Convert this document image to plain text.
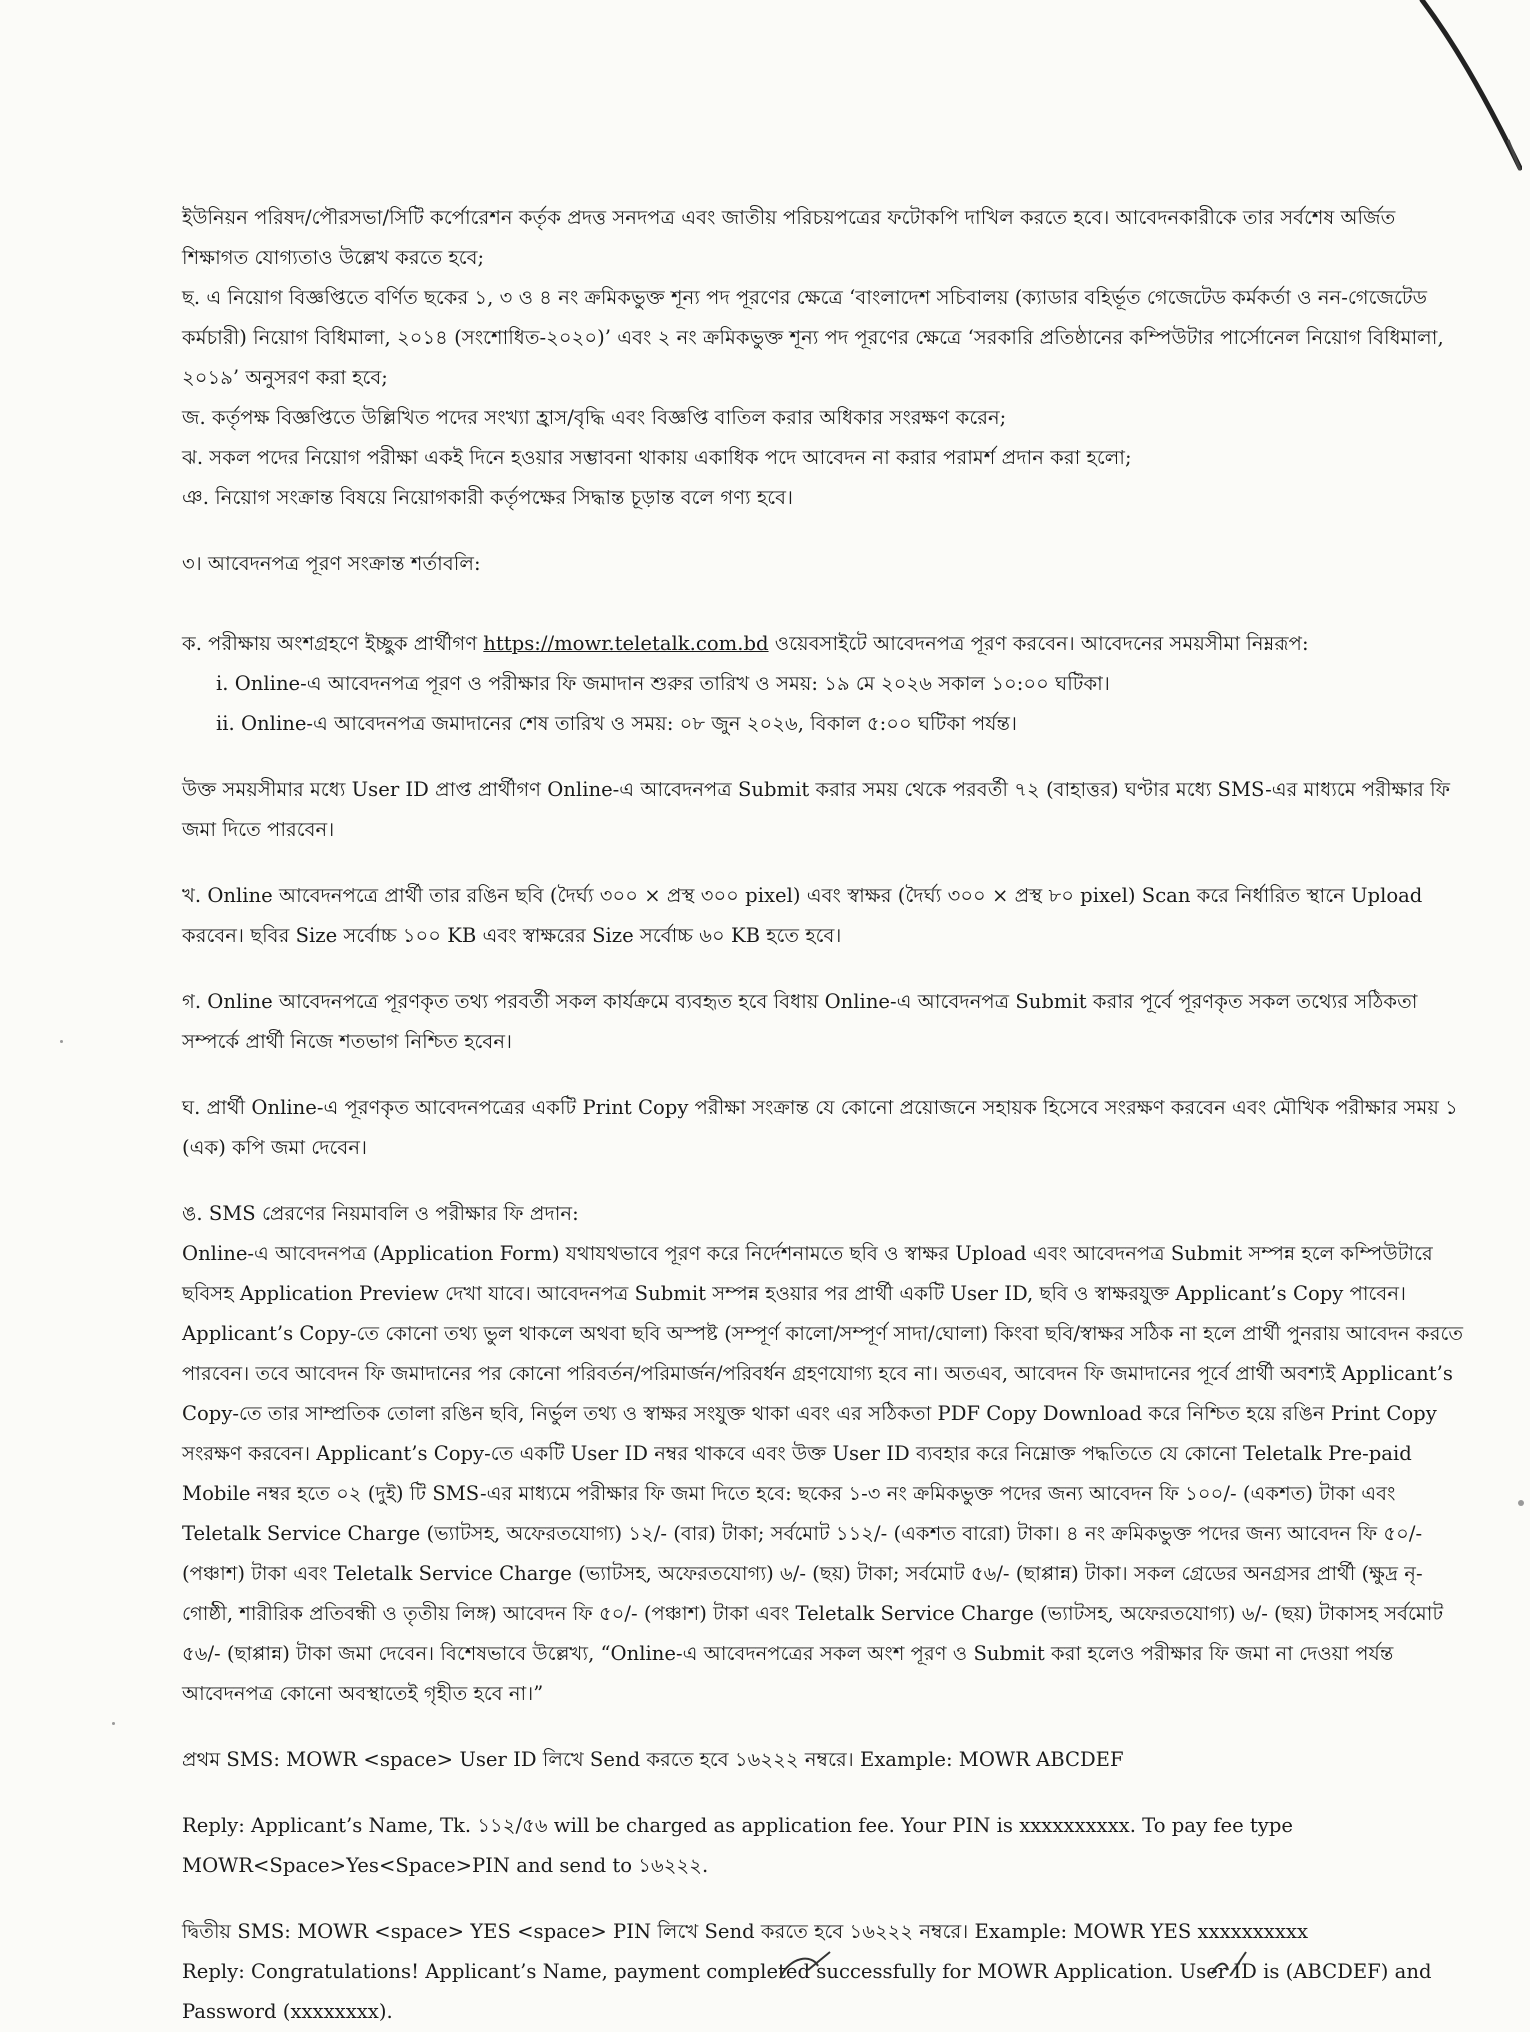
ইউনিয়ন পরিষদ/পৌরসভা/সিটি কর্পোরেশন কর্তৃক প্রদত্ত সনদপত্র এবং জাতীয় পরিচয়পত্রের ফটোকপি দাখিল করতে হবে। আবেদনকারীকে তার সর্বশেষ অর্জিত শিক্ষাগত যোগ্যতাও উল্লেখ করতে হবে;

ছ. এ নিয়োগ বিজ্ঞপ্তিতে বর্ণিত ছকের ১, ৩ ও ৪ নং ক্রমিকভুক্ত শূন্য পদ পূরণের ক্ষেত্রে ‘বাংলাদেশ সচিবালয় (ক্যাডার বহির্ভূত গেজেটেড কর্মকর্তা ও নন-গেজেটেড কর্মচারী) নিয়োগ বিধিমালা, ২০১৪ (সংশোধিত-২০২০)’ এবং ২ নং ক্রমিকভুক্ত শূন্য পদ পূরণের ক্ষেত্রে ‘সরকারি প্রতিষ্ঠানের কম্পিউটার পার্সোনেল নিয়োগ বিধিমালা, ২০১৯’ অনুসরণ করা হবে;

জ. কর্তৃপক্ষ বিজ্ঞপ্তিতে উল্লিখিত পদের সংখ্যা হ্রাস/বৃদ্ধি এবং বিজ্ঞপ্তি বাতিল করার অধিকার সংরক্ষণ করেন;

ঝ. সকল পদের নিয়োগ পরীক্ষা একই দিনে হওয়ার সম্ভাবনা থাকায় একাধিক পদে আবেদন না করার পরামর্শ প্রদান করা হলো;

ঞ. নিয়োগ সংক্রান্ত বিষয়ে নিয়োগকারী কর্তৃপক্ষের সিদ্ধান্ত চূড়ান্ত বলে গণ্য হবে।

৩। আবেদনপত্র পূরণ সংক্রান্ত শর্তাবলি:

ক. পরীক্ষায় অংশগ্রহণে ইচ্ছুক প্রার্থীগণ https://mowr.teletalk.com.bd ওয়েবসাইটে আবেদনপত্র পূরণ করবেন। আবেদনের সময়সীমা নিম্নরূপ:

i. Online-এ আবেদনপত্র পূরণ ও পরীক্ষার ফি জমাদান শুরুর তারিখ ও সময়: ১৯ মে ২০২৬ সকাল ১০:০০ ঘটিকা।

ii. Online-এ আবেদনপত্র জমাদানের শেষ তারিখ ও সময়: ০৮ জুন ২০২৬, বিকাল ৫:০০ ঘটিকা পর্যন্ত।

উক্ত সময়সীমার মধ্যে User ID প্রাপ্ত প্রার্থীগণ Online-এ আবেদনপত্র Submit করার সময় থেকে পরবর্তী ৭২ (বাহাত্তর) ঘণ্টার মধ্যে SMS-এর মাধ্যমে পরীক্ষার ফি জমা দিতে পারবেন।

খ. Online আবেদনপত্রে প্রার্থী তার রঙিন ছবি (দৈর্ঘ্য ৩০০ × প্রস্থ ৩০০ pixel) এবং স্বাক্ষর (দৈর্ঘ্য ৩০০ × প্রস্থ ৮০ pixel) Scan করে নির্ধারিত স্থানে Upload করবেন। ছবির Size সর্বোচ্চ ১০০ KB এবং স্বাক্ষরের Size সর্বোচ্চ ৬০ KB হতে হবে।

গ. Online আবেদনপত্রে পূরণকৃত তথ্য পরবর্তী সকল কার্যক্রমে ব্যবহৃত হবে বিধায় Online-এ আবেদনপত্র Submit করার পূর্বে পূরণকৃত সকল তথ্যের সঠিকতা সম্পর্কে প্রার্থী নিজে শতভাগ নিশ্চিত হবেন।

ঘ. প্রার্থী Online-এ পূরণকৃত আবেদনপত্রের একটি Print Copy পরীক্ষা সংক্রান্ত যে কোনো প্রয়োজনে সহায়ক হিসেবে সংরক্ষণ করবেন এবং মৌখিক পরীক্ষার সময় ১ (এক) কপি জমা দেবেন।

ঙ. SMS প্রেরণের নিয়মাবলি ও পরীক্ষার ফি প্রদান:

Online-এ আবেদনপত্র (Application Form) যথাযথভাবে পূরণ করে নির্দেশনামতে ছবি ও স্বাক্ষর Upload এবং আবেদনপত্র Submit সম্পন্ন হলে কম্পিউটারে ছবিসহ Application Preview দেখা যাবে। আবেদনপত্র Submit সম্পন্ন হওয়ার পর প্রার্থী একটি User ID, ছবি ও স্বাক্ষরযুক্ত Applicant’s Copy পাবেন। Applicant’s Copy-তে কোনো তথ্য ভুল থাকলে অথবা ছবি অস্পষ্ট (সম্পূর্ণ কালো/সম্পূর্ণ সাদা/ঘোলা) কিংবা ছবি/স্বাক্ষর সঠিক না হলে প্রার্থী পুনরায় আবেদন করতে পারবেন। তবে আবেদন ফি জমাদানের পর কোনো পরিবর্তন/পরিমার্জন/পরিবর্ধন গ্রহণযোগ্য হবে না। অতএব, আবেদন ফি জমাদানের পূর্বে প্রার্থী অবশ্যই Applicant’s Copy-তে তার সাম্প্রতিক তোলা রঙিন ছবি, নির্ভুল তথ্য ও স্বাক্ষর সংযুক্ত থাকা এবং এর সঠিকতা PDF Copy Download করে নিশ্চিত হয়ে রঙিন Print Copy সংরক্ষণ করবেন। Applicant’s Copy-তে একটি User ID নম্বর থাকবে এবং উক্ত User ID ব্যবহার করে নিম্নোক্ত পদ্ধতিতে যে কোনো Teletalk Pre-paid Mobile নম্বর হতে ০২ (দুই) টি SMS-এর মাধ্যমে পরীক্ষার ফি জমা দিতে হবে: ছকের ১-৩ নং ক্রমিকভুক্ত পদের জন্য আবেদন ফি ১০০/- (একশত) টাকা এবং Teletalk Service Charge (ভ্যাটসহ, অফেরতযোগ্য) ১২/- (বার) টাকা; সর্বমোট ১১২/- (একশত বারো) টাকা। ৪ নং ক্রমিকভুক্ত পদের জন্য আবেদন ফি ৫০/- (পঞ্চাশ) টাকা এবং Teletalk Service Charge (ভ্যাটসহ, অফেরতযোগ্য) ৬/- (ছয়) টাকা; সর্বমোট ৫৬/- (ছাপ্পান্ন) টাকা। সকল গ্রেডের অনগ্রসর প্রার্থী (ক্ষুদ্র নৃ-গোষ্ঠী, শারীরিক প্রতিবন্ধী ও তৃতীয় লিঙ্গ) আবেদন ফি ৫০/- (পঞ্চাশ) টাকা এবং Teletalk Service Charge (ভ্যাটসহ, অফেরতযোগ্য) ৬/- (ছয়) টাকাসহ সর্বমোট ৫৬/- (ছাপ্পান্ন) টাকা জমা দেবেন। বিশেষভাবে উল্লেখ্য, “Online-এ আবেদনপত্রের সকল অংশ পূরণ ও Submit করা হলেও পরীক্ষার ফি জমা না দেওয়া পর্যন্ত আবেদনপত্র কোনো অবস্থাতেই গৃহীত হবে না।”

প্রথম SMS: MOWR <space> User ID লিখে Send করতে হবে ১৬২২২ নম্বরে। Example: MOWR ABCDEF

Reply: Applicant’s Name, Tk. ১১২/৫৬ will be charged as application fee. Your PIN is xxxxxxxxxx. To pay fee type MOWR<Space>Yes<Space>PIN and send to ১৬২২২.

দ্বিতীয় SMS: MOWR <space> YES <space> PIN লিখে Send করতে হবে ১৬২২২ নম্বরে। Example: MOWR YES xxxxxxxxxx

Reply: Congratulations! Applicant’s Name, payment completed successfully for MOWR Application. User ID is (ABCDEF) and Password (xxxxxxxx).
